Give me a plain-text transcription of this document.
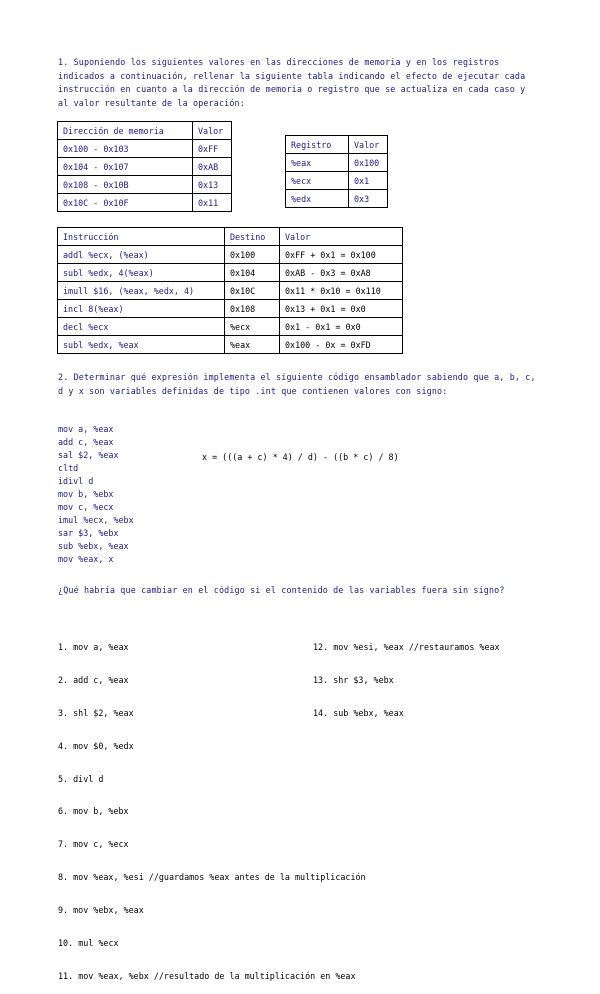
1. Suponiendo los siguientes valores en las direcciones de memoria y en los registros indicados a continuación, rellenar la siguiente tabla indicando el efecto de ejecutar cada instrucción en cuanto a la dirección de memoria o registro que se actualiza en cada caso y al valor resultante de la operación:
Dirección de memoria	Valor
0x100 - 0x103	0xFF
0x104 - 0x107	0xAB
0x108 - 0x10B	0x13
0x10C - 0x10F	0x11
Registro	Valor
%eax	0x100
%ecx	0x1
%edx	0x3
Instrucción	Destino	Valor
addl %ecx, (%eax)	0x100	0xFF + 0x1 = 0x100
subl %edx, 4(%eax)	0x104	0xAB - 0x3 = 0xA8
imull $16, (%eax, %edx, 4)	0x10C	0x11 * 0x10 = 0x110
incl 8(%eax)	0x108	0x13 + 0x1 = 0x0
decl %ecx	%ecx	0x1 - 0x1 = 0x0
subl %edx, %eax	%eax	0x100 - 0x = 0xFD
2. Determinar qué expresión implementa el siguiente código ensamblador sabiendo que a, b, c, d y x son variables definidas de tipo .int que contienen valores con signo:
mov a, %eax
add c, %eax
sal $2, %eax
cltd
idivl d
mov b, %ebx
mov c, %ecx
imul %ecx, %ebx
sar $3, %ebx
sub %ebx, %eax
mov %eax, x
x = (((a + c) * 4) / d) - ((b * c) / 8)
¿Qué habría que cambiar en el código si el contenido de las variables fuera sin signo?

1. mov a, %eax

2. add c, %eax

3. shl $2, %eax

4. mov $0, %edx

5. divl d

6. mov b, %ebx

7. mov c, %ecx

8. mov %eax, %esi //guardamos %eax antes de la multiplicación

9. mov %ebx, %eax

10. mul %ecx

11. mov %eax, %ebx //resultado de la multiplicación en %eax

12. mov %esi, %eax //restauramos %eax

13. shr $3, %ebx

14. sub %ebx, %eax
